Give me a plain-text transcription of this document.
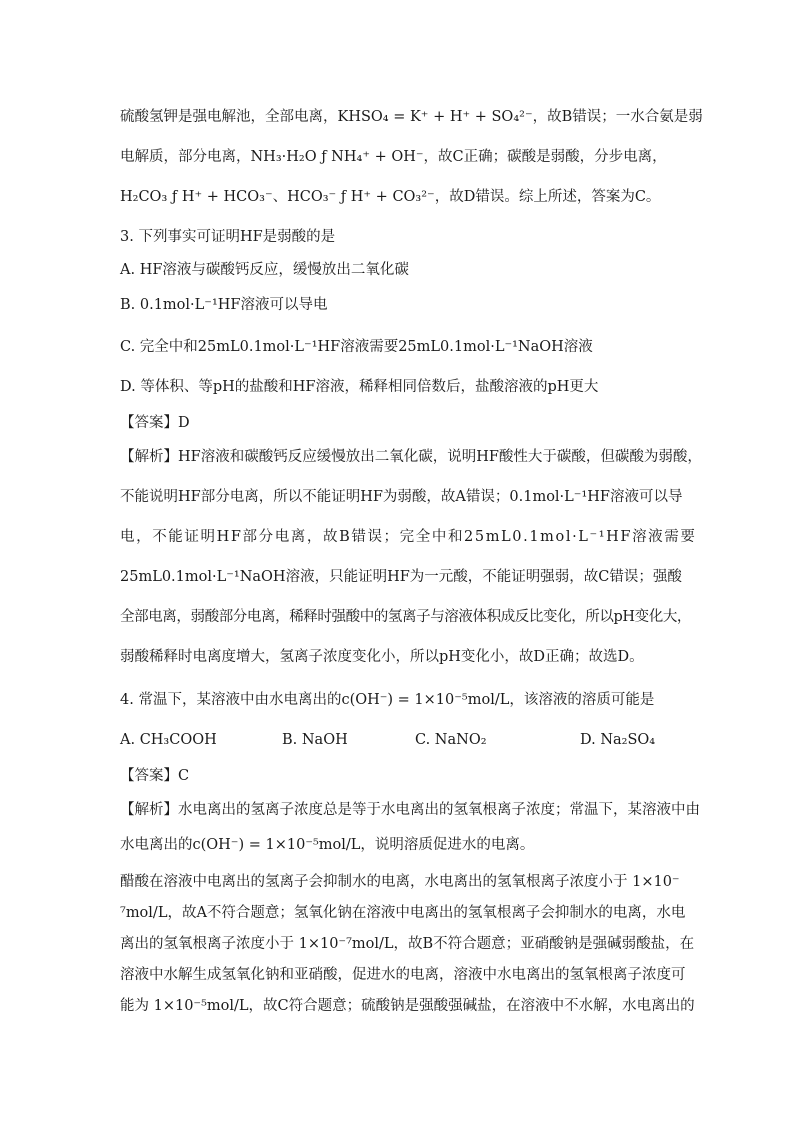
硫酸氢钾是强电解池，全部电离，KHSO₄ = K⁺ + H⁺ + SO₄²⁻，故B错误；一水合氨是弱
电解质，部分电离，NH₃·H₂O ƒ NH₄⁺ + OH⁻，故C正确；碳酸是弱酸，分步电离，
H₂CO₃ ƒ H⁺ + HCO₃⁻、HCO₃⁻ ƒ H⁺ + CO₃²⁻，故D错误。综上所述，答案为C。
3. 下列事实可证明HF是弱酸的是
A. HF溶液与碳酸钙反应，缓慢放出二氧化碳
B. 0.1mol·L⁻¹HF溶液可以导电
C. 完全中和25mL0.1mol·L⁻¹HF溶液需要25mL0.1mol·L⁻¹NaOH溶液
D. 等体积、等pH的盐酸和HF溶液，稀释相同倍数后，盐酸溶液的pH更大
【答案】D
【解析】HF溶液和碳酸钙反应缓慢放出二氧化碳，说明HF酸性大于碳酸，但碳酸为弱酸，
不能说明HF部分电离，所以不能证明HF为弱酸，故A错误；0.1mol·L⁻¹HF溶液可以导
电，不能证明HF部分电离，故B错误；完全中和25mL0.1mol·L⁻¹HF溶液需要
25mL0.1mol·L⁻¹NaOH溶液，只能证明HF为一元酸，不能证明强弱，故C错误；强酸
全部电离，弱酸部分电离，稀释时强酸中的氢离子与溶液体积成反比变化，所以pH变化大，
弱酸稀释时电离度增大，氢离子浓度变化小，所以pH变化小，故D正确；故选D。
4. 常温下，某溶液中由水电离出的c(OH⁻) = 1×10⁻⁵mol/L，该溶液的溶质可能是
A. CH₃COOH	B. NaOH	C. NaNO₂	D. Na₂SO₄
【答案】C
【解析】水电离出的氢离子浓度总是等于水电离出的氢氧根离子浓度；常温下，某溶液中由
水电离出的c(OH⁻) = 1×10⁻⁵mol/L，说明溶质促进水的电离。
醋酸在溶液中电离出的氢离子会抑制水的电离，水电离出的氢氧根离子浓度小于 1×10⁻
⁷mol/L，故A不符合题意；氢氧化钠在溶液中电离出的氢氧根离子会抑制水的电离，水电
离出的氢氧根离子浓度小于 1×10⁻⁷mol/L，故B不符合题意；亚硝酸钠是强碱弱酸盐，在
溶液中水解生成氢氧化钠和亚硝酸，促进水的电离，溶液中水电离出的氢氧根离子浓度可
能为 1×10⁻⁵mol/L，故C符合题意；硫酸钠是强酸强碱盐，在溶液中不水解，水电离出的
